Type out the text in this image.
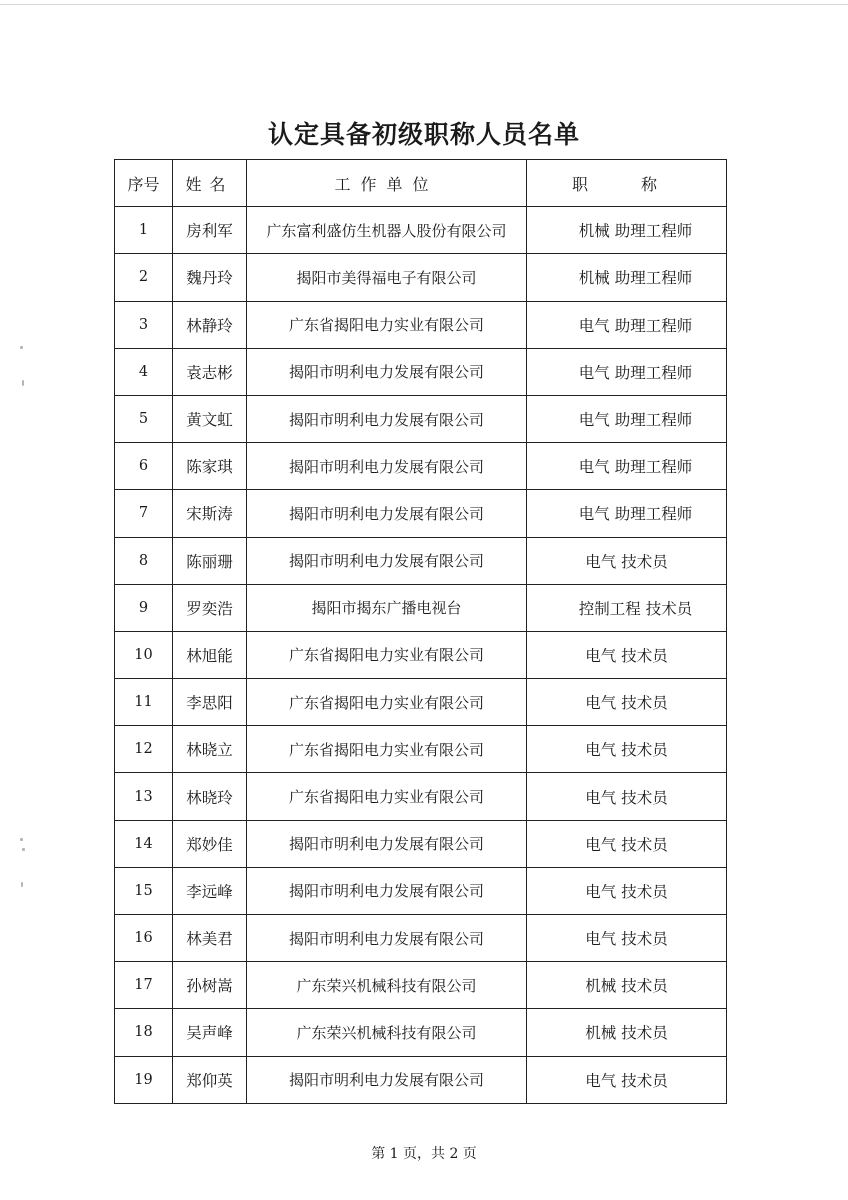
认定具备初级职称人员名单
序号	姓名	工作单位	职 称
1	房利军	广东富利盛仿生机器人股份有限公司	机械 助理工程师
2	魏丹玲	揭阳市美得福电子有限公司	机械 助理工程师
3	林静玲	广东省揭阳电力实业有限公司	电气 助理工程师
4	袁志彬	揭阳市明利电力发展有限公司	电气 助理工程师
5	黄文虹	揭阳市明利电力发展有限公司	电气 助理工程师
6	陈家琪	揭阳市明利电力发展有限公司	电气 助理工程师
7	宋斯涛	揭阳市明利电力发展有限公司	电气 助理工程师
8	陈丽珊	揭阳市明利电力发展有限公司	电气 技术员
9	罗奕浩	揭阳市揭东广播电视台	控制工程 技术员
10	林旭能	广东省揭阳电力实业有限公司	电气 技术员
11	李思阳	广东省揭阳电力实业有限公司	电气 技术员
12	林晓立	广东省揭阳电力实业有限公司	电气 技术员
13	林晓玲	广东省揭阳电力实业有限公司	电气 技术员
14	郑妙佳	揭阳市明利电力发展有限公司	电气 技术员
15	李远峰	揭阳市明利电力发展有限公司	电气 技术员
16	林美君	揭阳市明利电力发展有限公司	电气 技术员
17	孙树嵩	广东荣兴机械科技有限公司	机械 技术员
18	吴声峰	广东荣兴机械科技有限公司	机械 技术员
19	郑仰英	揭阳市明利电力发展有限公司	电气 技术员
第 1 页，共 2 页
